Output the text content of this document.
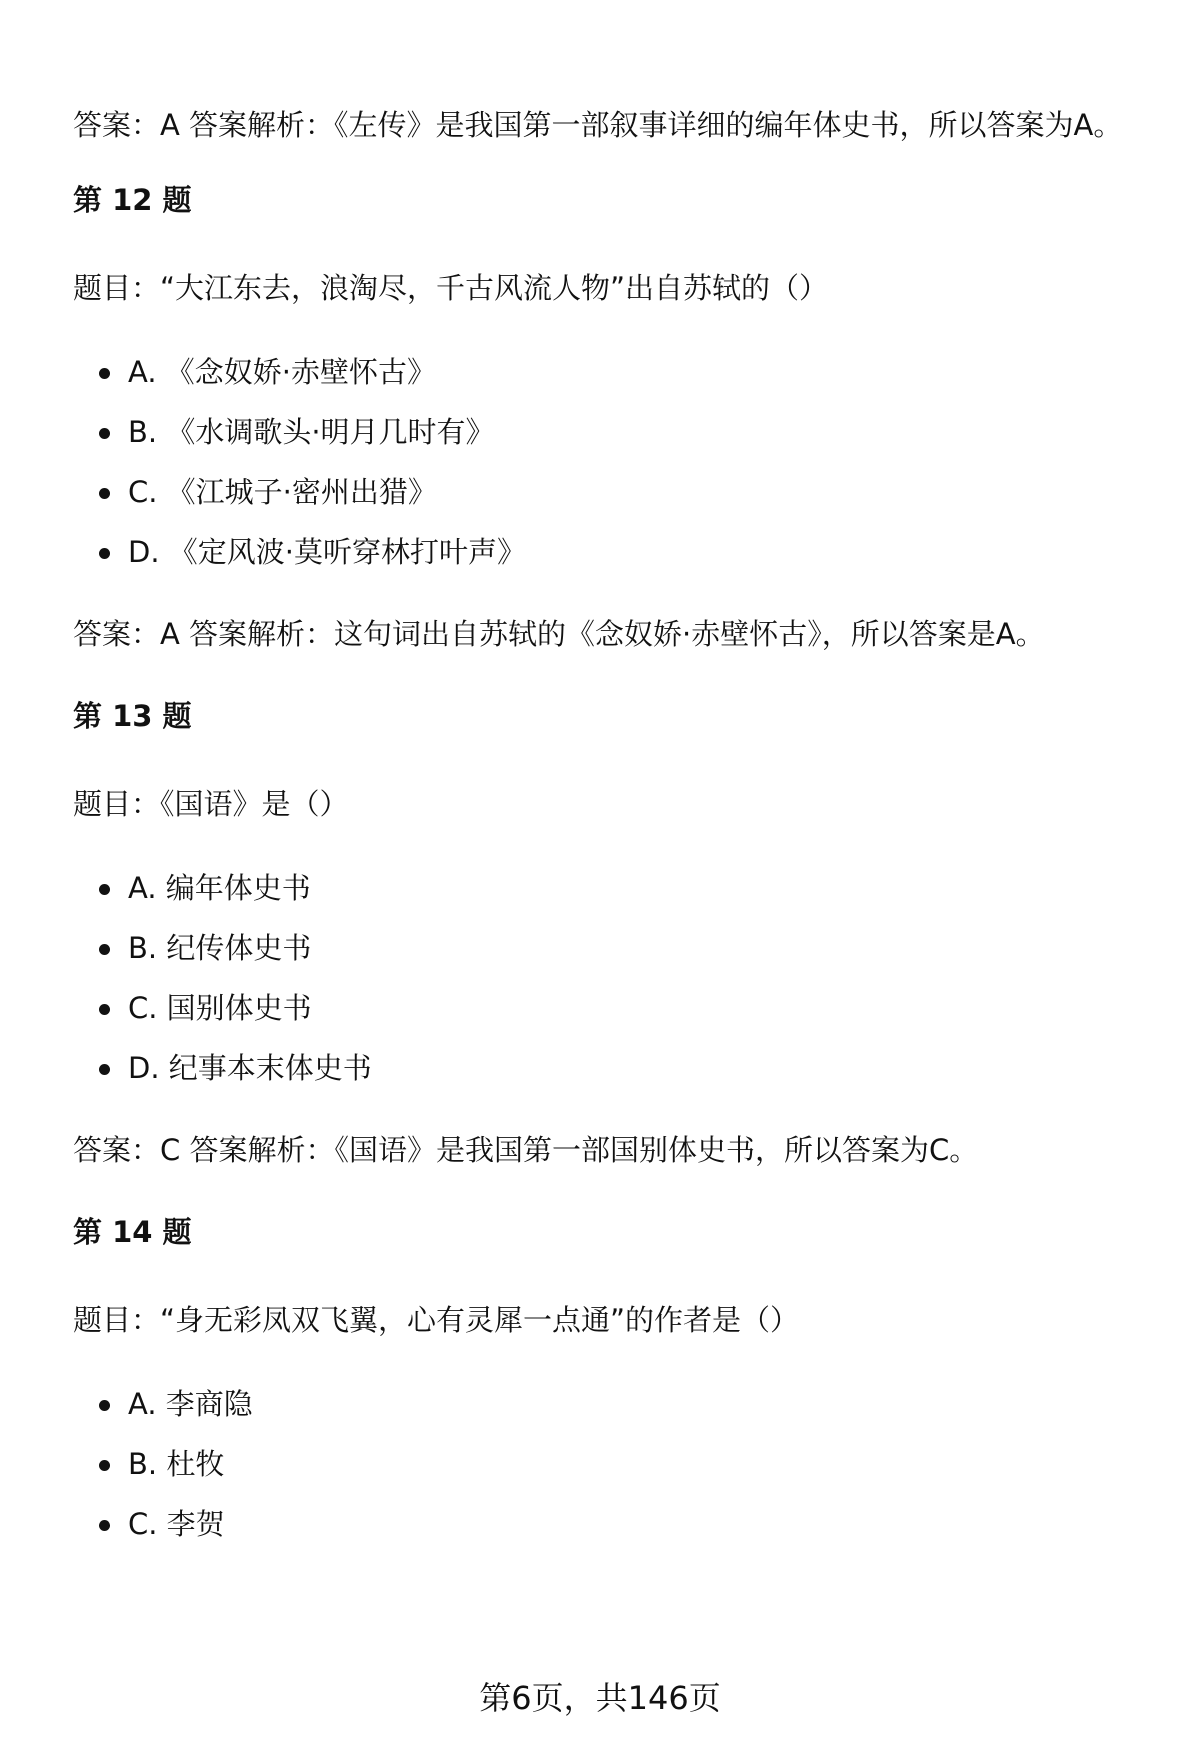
答案：A 答案解析：《左传》是我国第一部叙事详细的编年体史书，所以答案为A。

第 12 题
题目：“大江东去，浪淘尽，千古风流人物”出自苏轼的（）
A. 《念奴娇·赤壁怀古》
B. 《水调歌头·明月几时有》
C. 《江城子·密州出猎》
D. 《定风波·莫听穿林打叶声》
答案：A 答案解析：这句词出自苏轼的《念奴娇·赤壁怀古》，所以答案是A。
第 13 题
题目：《国语》是（）
A. 编年体史书
B. 纪传体史书
C. 国别体史书
D. 纪事本末体史书
答案：C 答案解析：《国语》是我国第一部国别体史书，所以答案为C。
第 14 题
题目：“身无彩凤双飞翼，心有灵犀一点通”的作者是（）
A. 李商隐
B. 杜牧
C. 李贺
第6页，共146页
